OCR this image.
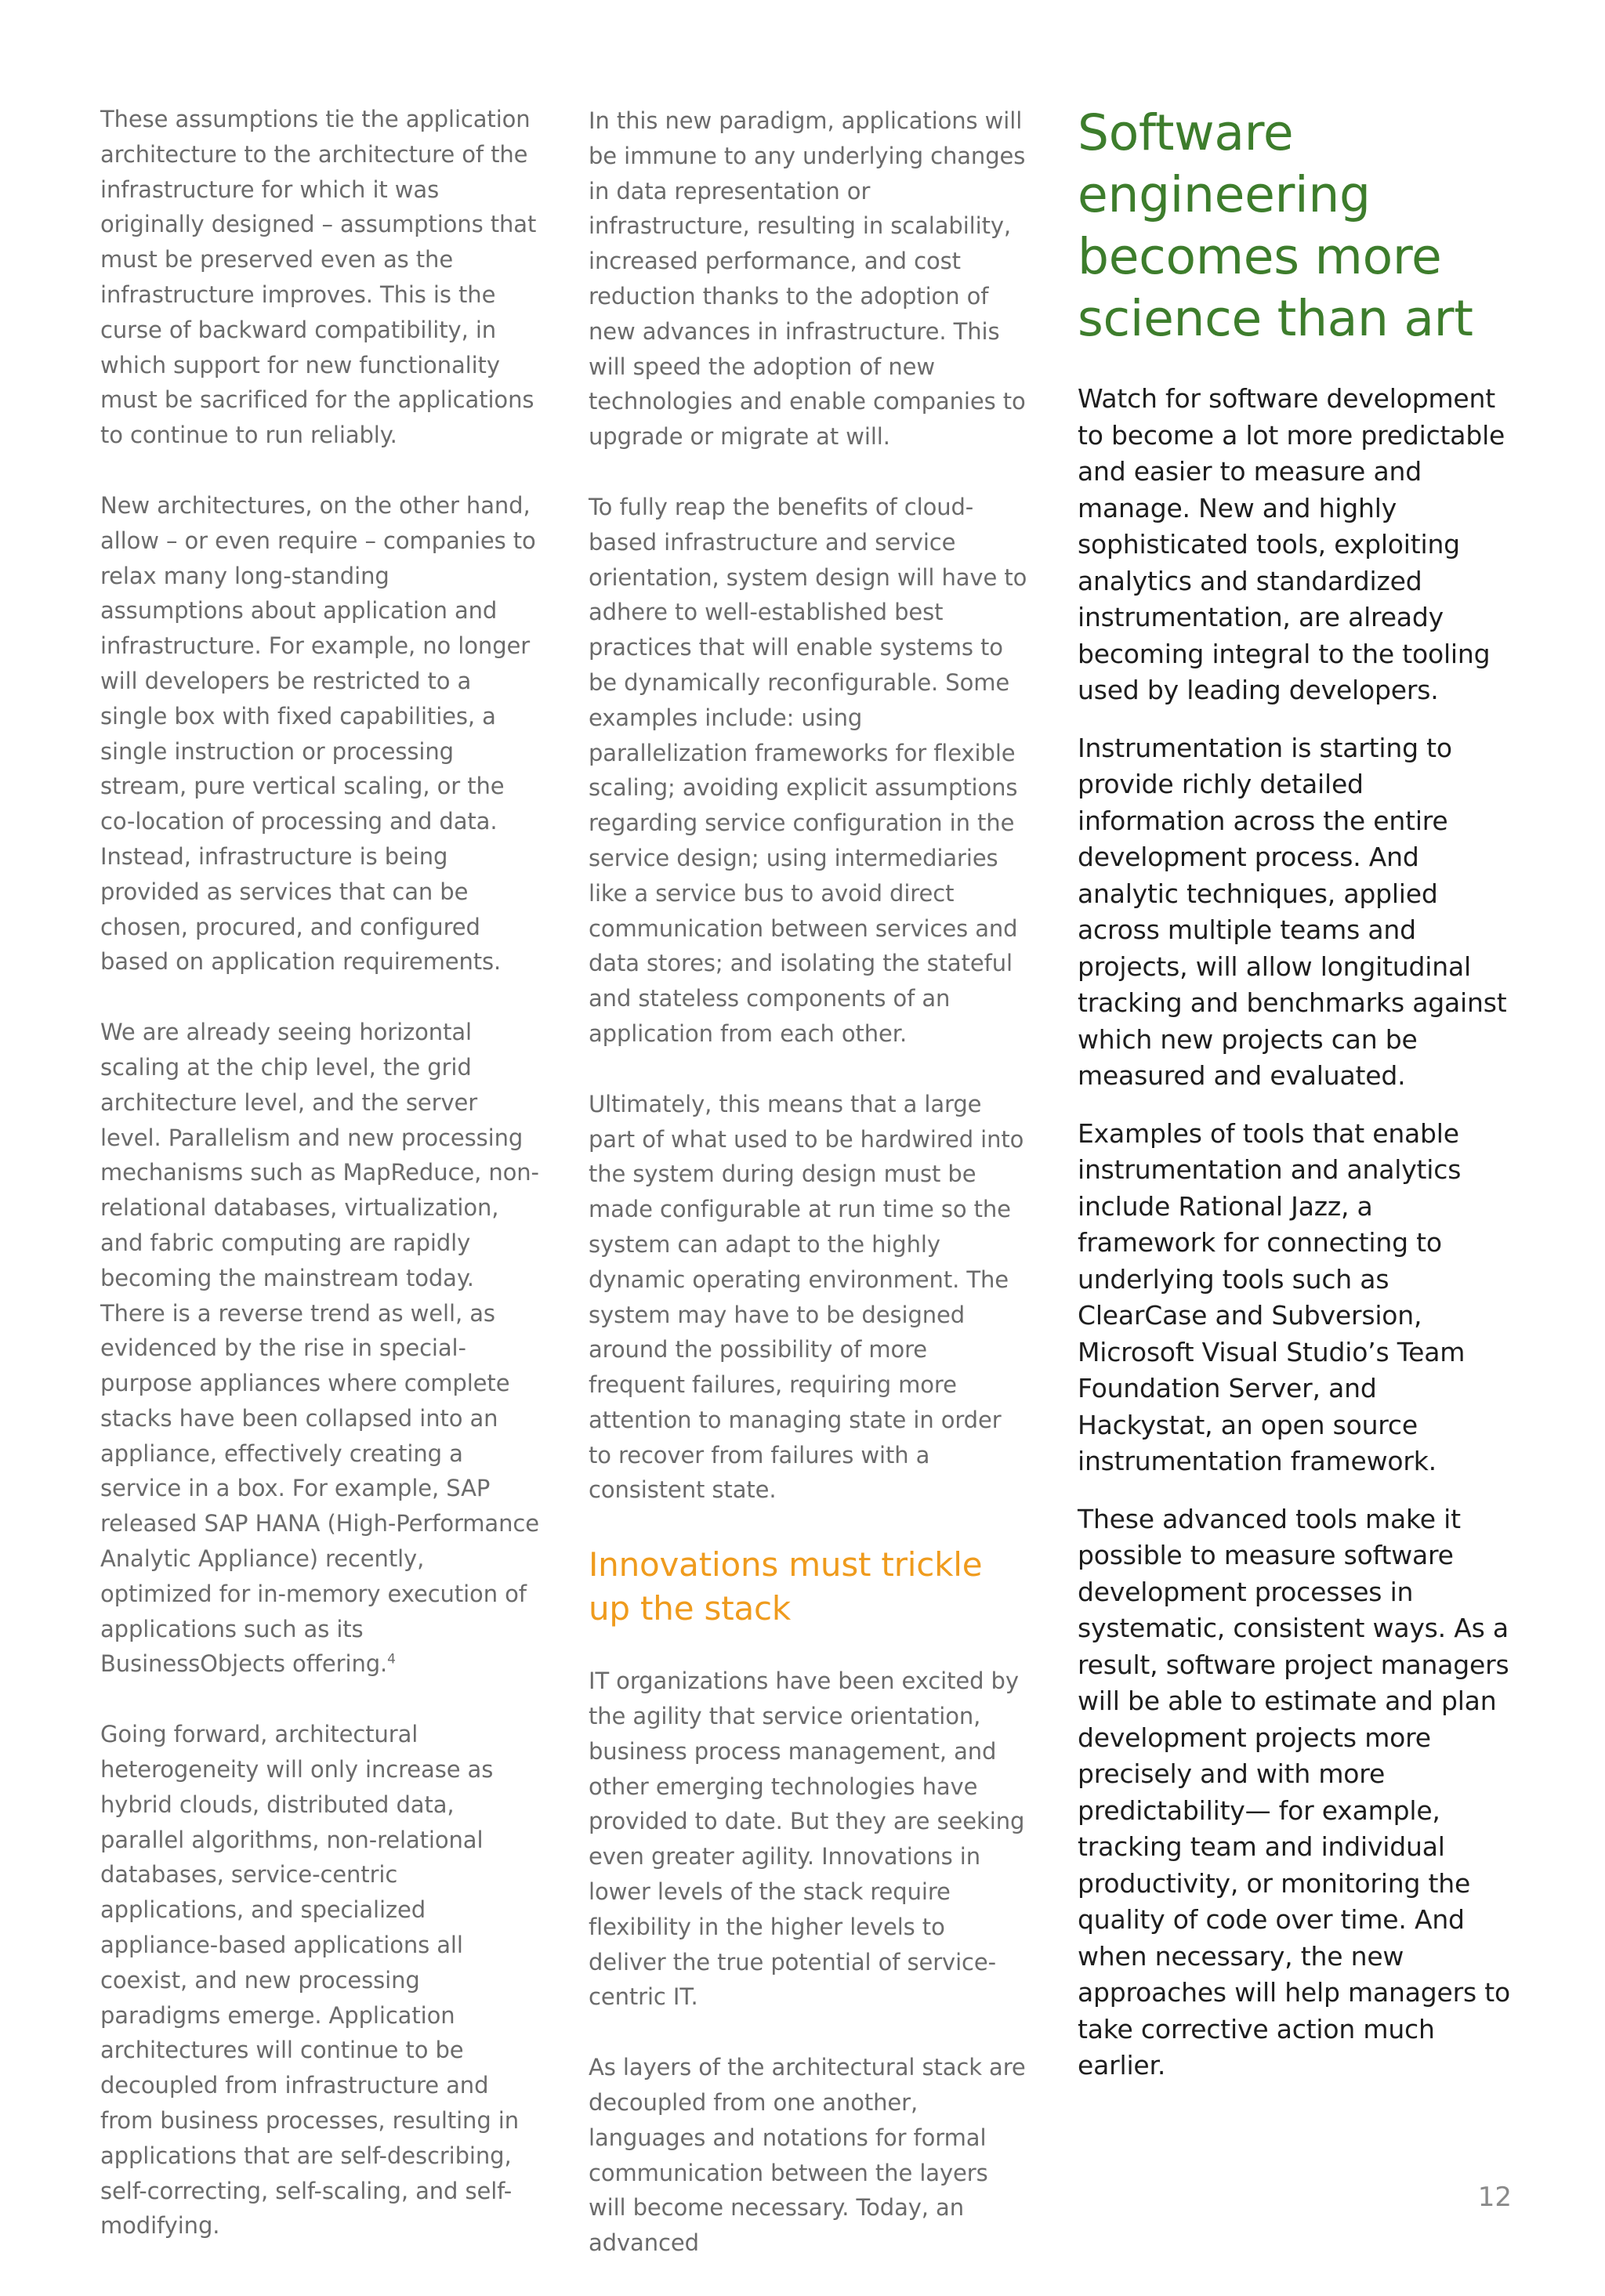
These assumptions tie the application architecture to the architecture of the infrastructure for which it was originally designed – assumptions that must be preserved even as the infrastructure improves. This is the curse of backward compatibility, in which support for new functionality must be sacrificed for the applications to continue to run reliably.

New architectures, on the other hand, allow – or even require – companies to relax many long-standing assumptions about application and infrastructure. For example, no longer will developers be restricted to a single box with fixed capabilities, a single instruction or processing stream, pure vertical scaling, or the co-location of processing and data. Instead, infrastructure is being provided as services that can be chosen, procured, and configured based on application requirements.

We are already seeing horizontal scaling at the chip level, the grid architecture level, and the server level. Parallelism and new processing mechanisms such as MapReduce, non-relational databases, virtualization, and fabric computing are rapidly becoming the mainstream today. There is a reverse trend as well, as evidenced by the rise in special-purpose appliances where complete stacks have been collapsed into an appliance, effectively creating a service in a box. For example, SAP released SAP HANA (High-Performance Analytic Appliance) recently, optimized for in-memory execution of applications such as its BusinessObjects offering.$^4$

Going forward, architectural heterogeneity will only increase as hybrid clouds, distributed data, parallel algorithms, non-relational databases, service-centric applications, and specialized appliance-based applications all coexist, and new processing paradigms emerge. Application architectures will continue to be decoupled from infrastructure and from business processes, resulting in applications that are self-describing, self-correcting, self-scaling, and self-modifying.

In this new paradigm, applications will be immune to any underlying changes in data representation or infrastructure, resulting in scalability, increased performance, and cost reduction thanks to the adoption of new advances in infrastructure. This will speed the adoption of new technologies and enable companies to upgrade or migrate at will.

To fully reap the benefits of cloud-based infrastructure and service orientation, system design will have to adhere to well-established best practices that will enable systems to be dynamically reconfigurable. Some examples include: using parallelization frameworks for flexible scaling; avoiding explicit assumptions regarding service configuration in the service design; using intermediaries like a service bus to avoid direct communication between services and data stores; and isolating the stateful and stateless components of an application from each other.

Ultimately, this means that a large part of what used to be hardwired into the system during design must be made configurable at run time so the system can adapt to the highly dynamic operating environment. The system may have to be designed around the possibility of more frequent failures, requiring more attention to managing state in order to recover from failures with a consistent state.

Innovations must trickle up the stack

IT organizations have been excited by the agility that service orientation, business process management, and other emerging technologies have provided to date. But they are seeking even greater agility. Innovations in lower levels of the stack require flexibility in the higher levels to deliver the true potential of service-centric IT.

As layers of the architectural stack are decoupled from one another, languages and notations for formal communication between the layers will become necessary. Today, an advanced

Software engineering becomes more science than art

Watch for software development to become a lot more predictable and easier to measure and manage. New and highly sophisticated tools, exploiting analytics and standardized instrumentation, are already becoming integral to the tooling used by leading developers.

Instrumentation is starting to provide richly detailed information across the entire development process. And analytic techniques, applied across multiple teams and projects, will allow longitudinal tracking and benchmarks against which new projects can be measured and evaluated.

Examples of tools that enable instrumentation and analytics include Rational Jazz, a framework for connecting to underlying tools such as ClearCase and Subversion, Microsoft Visual Studio’s Team Foundation Server, and Hackystat, an open source instrumentation framework.

These advanced tools make it possible to measure software development processes in systematic, consistent ways. As a result, software project managers will be able to estimate and plan development projects more precisely and with more predictability— for example, tracking team and individual productivity, or monitoring the quality of code over time. And when necessary, the new approaches will help managers to take corrective action much earlier.

12
